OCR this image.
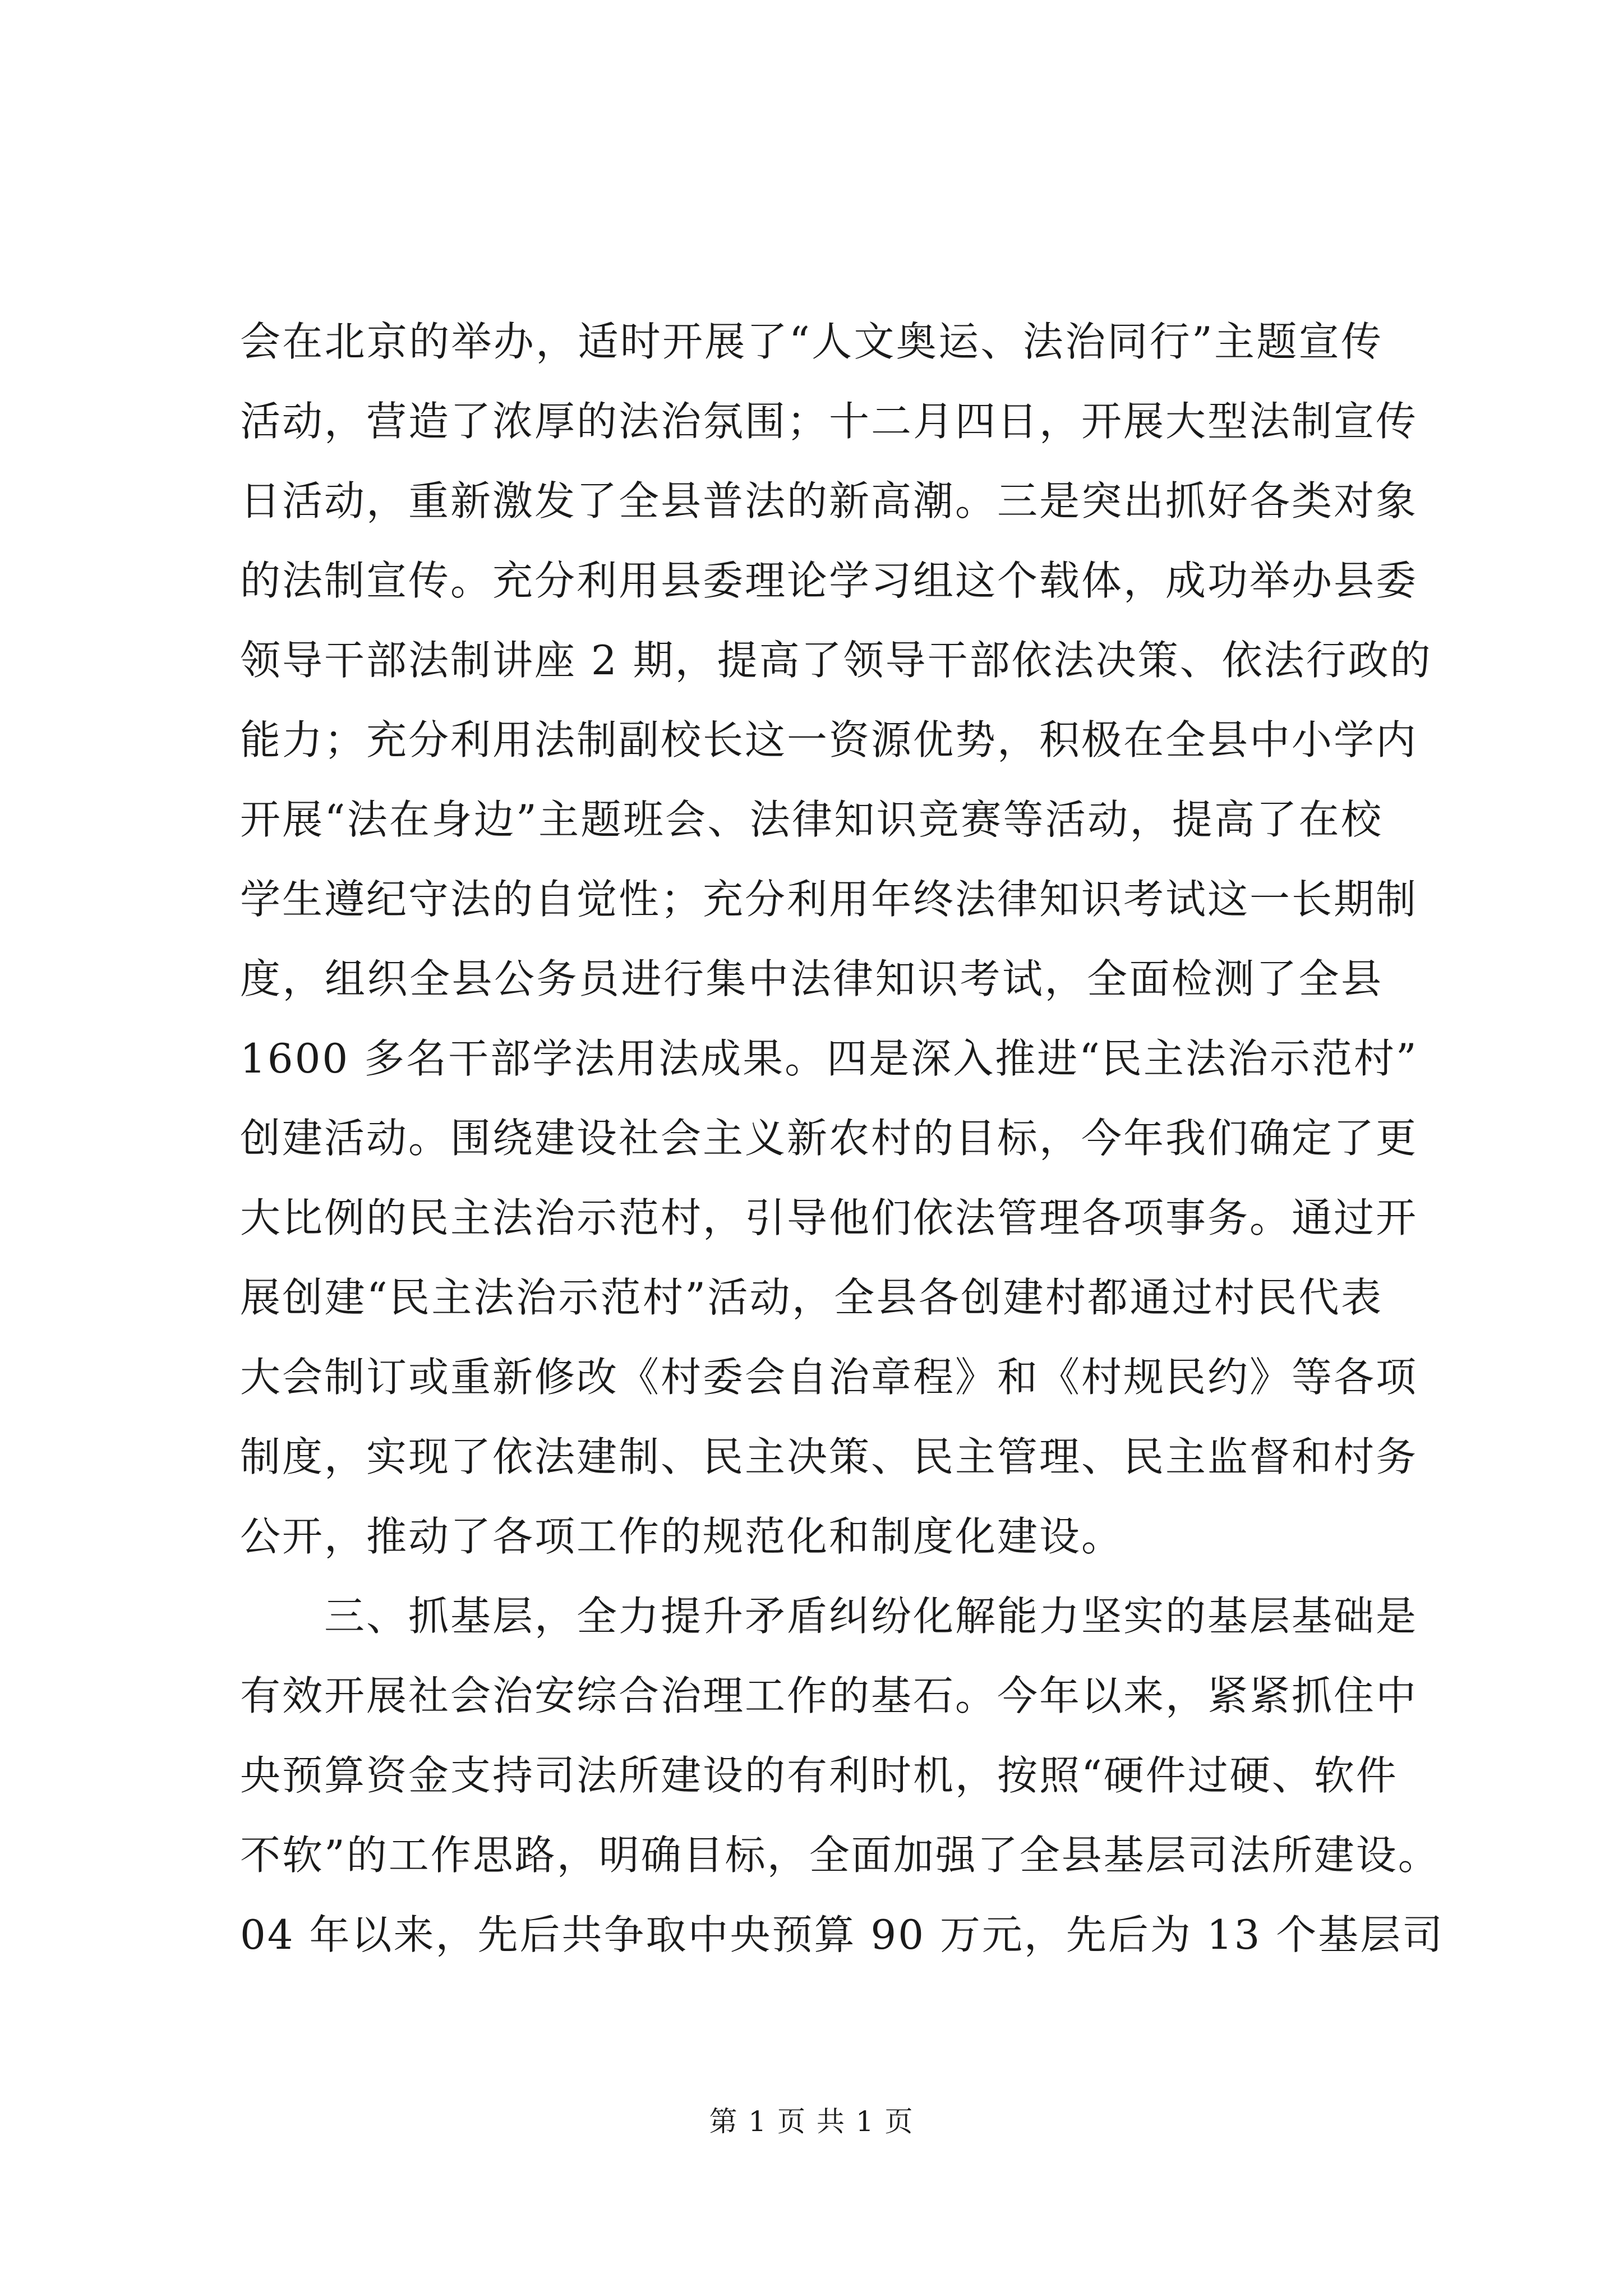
会在北京的举办，适时开展了“人文奥运、法治同行”主题宣传
活动，营造了浓厚的法治氛围；十二月四日，开展大型法制宣传
日活动，重新激发了全县普法的新高潮。三是突出抓好各类对象
的法制宣传。充分利用县委理论学习组这个载体，成功举办县委
领导干部法制讲座 2 期，提高了领导干部依法决策、依法行政的
能力；充分利用法制副校长这一资源优势，积极在全县中小学内
开展“法在身边”主题班会、法律知识竞赛等活动，提高了在校
学生遵纪守法的自觉性；充分利用年终法律知识考试这一长期制
度，组织全县公务员进行集中法律知识考试，全面检测了全县
1600 多名干部学法用法成果。四是深入推进“民主法治示范村”
创建活动。围绕建设社会主义新农村的目标，今年我们确定了更
大比例的民主法治示范村，引导他们依法管理各项事务。通过开
展创建“民主法治示范村”活动，全县各创建村都通过村民代表
大会制订或重新修改《村委会自治章程》和《村规民约》等各项
制度，实现了依法建制、民主决策、民主管理、民主监督和村务
公开，推动了各项工作的规范化和制度化建设。
　　三、抓基层，全力提升矛盾纠纷化解能力坚实的基层基础是
有效开展社会治安综合治理工作的基石。今年以来，紧紧抓住中
央预算资金支持司法所建设的有利时机，按照“硬件过硬、软件
不软”的工作思路，明确目标，全面加强了全县基层司法所建设。
04 年以来，先后共争取中央预算 90 万元，先后为 13 个基层司
第 1 页 共 1 页
